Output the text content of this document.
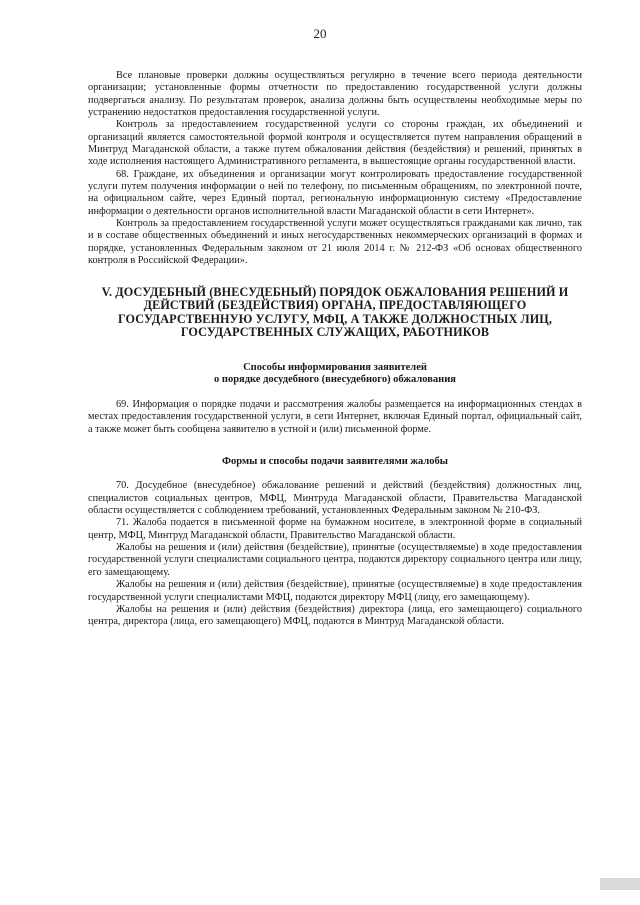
20

Все плановые проверки должны осуществляться регулярно в течение всего периода деятельности организации; установленные формы отчетности по предоставлению государственной услуги должны подвергаться анализу. По результатам проверок, анализа должны быть осуществлены необходимые меры по устранению недостатков предоставления государственной услуги.

Контроль за предоставлением государственной услуги со стороны граждан, их объединений и организаций является самостоятельной формой контроля и осуществляется путем направления обращений в Минтруд Магаданской области, а также путем обжалования действия (бездействия) и решений, принятых в ходе исполнения настоящего Административного регламента, в вышестоящие органы государственной власти.

68. Граждане, их объединения и организации могут контролировать предоставление государственной услуги путем получения информации о ней по телефону, по письменным обращениям, по электронной почте, на официальном сайте, через Единый портал, региональную информационную систему «Предоставление информации о деятельности органов исполнительной власти Магаданской области в сети Интернет».

Контроль за предоставлением государственной услуги может осуществляться гражданами как лично, так и в составе общественных объединений и иных негосударственных некоммерческих организаций в формах и порядке, установленных Федеральным законом от 21 июля 2014 г. № 212-ФЗ «Об основах общественного контроля в Российской Федерации».

V. ДОСУДЕБНЫЙ (ВНЕСУДЕБНЫЙ) ПОРЯДОК ОБЖАЛОВАНИЯ РЕШЕНИЙ И
ДЕЙСТВИЙ (БЕЗДЕЙСТВИЯ) ОРГАНА, ПРЕДОСТАВЛЯЮЩЕГО
ГОСУДАРСТВЕННУЮ УСЛУГУ, МФЦ, А ТАКЖЕ ДОЛЖНОСТНЫХ ЛИЦ,
ГОСУДАРСТВЕННЫХ СЛУЖАЩИХ, РАБОТНИКОВ
Способы информирования заявителей
о порядке досудебного (внесудебного) обжалования

69. Информация о порядке подачи и рассмотрения жалобы размещается на информационных стендах в местах предоставления государственной услуги, в сети Интернет, включая Единый портал, официальный сайт, а также может быть сообщена заявителю в устной и (или) письменной форме.

Формы и способы подачи заявителями жалобы

70. Досудебное (внесудебное) обжалование решений и действий (бездействия) должностных лиц, специалистов социальных центров, МФЦ, Минтруда Магаданской области, Правительства Магаданской области осуществляется с соблюдением требований, установленных Федеральным законом № 210-ФЗ.

71. Жалоба подается в письменной форме на бумажном носителе, в электронной форме в социальный центр, МФЦ, Минтруд Магаданской области, Правительство Магаданской области.

Жалобы на решения и (или) действия (бездействие), принятые (осуществляемые) в ходе предоставления государственной услуги специалистами социального центра, подаются директору социального центра или лицу, его замещающему.

Жалобы на решения и (или) действия (бездействие), принятые (осуществляемые) в ходе предоставления государственной услуги специалистами МФЦ, подаются директору МФЦ (лицу, его замещающему).

Жалобы на решения и (или) действия (бездействия) директора (лица, его замещающего) социального центра, директора (лица, его замещающего) МФЦ, подаются в Минтруд Магаданской области.
